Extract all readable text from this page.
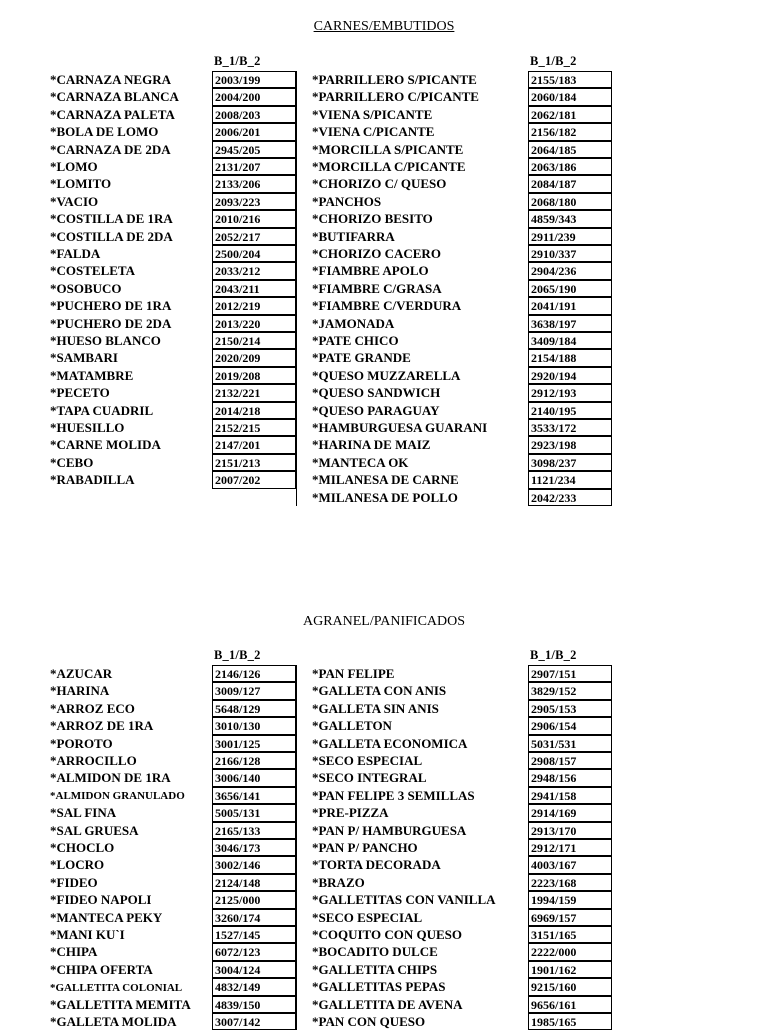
CARNES/EMBUTIDOS
B_1/B_2	B_1/B_2
*CARNAZA NEGRA	2003/199
*CARNAZA BLANCA	2004/200
*CARNAZA PALETA	2008/203
*BOLA DE LOMO	2006/201
*CARNAZA DE 2DA	2945/205
*LOMO	2131/207
*LOMITO	2133/206
*VACIO	2093/223
*COSTILLA DE 1RA	2010/216
*COSTILLA DE 2DA	2052/217
*FALDA	2500/204
*COSTELETA	2033/212
*OSOBUCO	2043/211
*PUCHERO DE 1RA	2012/219
*PUCHERO DE 2DA	2013/220
*HUESO BLANCO	2150/214
*SAMBARI	2020/209
*MATAMBRE	2019/208
*PECETO	2132/221
*TAPA CUADRIL	2014/218
*HUESILLO	2152/215
*CARNE MOLIDA	2147/201
*CEBO	2151/213
*RABADILLA	2007/202
*PARRILLERO S/PICANTE	2155/183
*PARRILLERO C/PICANTE	2060/184
*VIENA S/PICANTE	2062/181
*VIENA C/PICANTE	2156/182
*MORCILLA S/PICANTE	2064/185
*MORCILLA C/PICANTE	2063/186
*CHORIZO C/ QUESO	2084/187
*PANCHOS	2068/180
*CHORIZO BESITO	4859/343
*BUTIFARRA	2911/239
*CHORIZO CACERO	2910/337
*FIAMBRE APOLO	2904/236
*FIAMBRE C/GRASA	2065/190
*FIAMBRE C/VERDURA	2041/191
*JAMONADA	3638/197
*PATE CHICO	3409/184
*PATE GRANDE	2154/188
*QUESO MUZZARELLA	2920/194
*QUESO SANDWICH	2912/193
*QUESO PARAGUAY	2140/195
*HAMBURGUESA GUARANI	3533/172
*HARINA DE MAIZ	2923/198
*MANTECA OK	3098/237
*MILANESA DE CARNE	1121/234
*MILANESA DE POLLO	2042/233
AGRANEL/PANIFICADOS
B_1/B_2	B_1/B_2
*AZUCAR	2146/126
*HARINA	3009/127
*ARROZ ECO	5648/129
*ARROZ DE 1RA	3010/130
*POROTO	3001/125
*ARROCILLO	2166/128
*ALMIDON DE 1RA	3006/140
*ALMIDON GRANULADO	3656/141
*SAL FINA	5005/131
*SAL GRUESA	2165/133
*CHOCLO	3046/173
*LOCRO	3002/146
*FIDEO	2124/148
*FIDEO NAPOLI	2125/000
*MANTECA PEKY	3260/174
*MANI KU`I	1527/145
*CHIPA	6072/123
*CHIPA OFERTA	3004/124
*GALLETITA COLONIAL	4832/149
*GALLETITA MEMITA 4839/150
*GALLETA MOLIDA	3007/142
*PAN FELIPE	2907/151
*GALLETA CON ANIS	3829/152
*GALLETA SIN ANIS	2905/153
*GALLETON	2906/154
*GALLETA ECONOMICA	5031/531
*SECO ESPECIAL	2908/157
*SECO INTEGRAL	2948/156
*PAN FELIPE 3 SEMILLAS	2941/158
*PRE-PIZZA	2914/169
*PAN P/ HAMBURGUESA	2913/170
*PAN P/ PANCHO	2912/171
*TORTA DECORADA	4003/167
*BRAZO	2223/168
*GALLETITAS CON VANILLA	1994/159
*SECO ESPECIAL	6969/157
*COQUITO CON QUESO	3151/165
*BOCADITO DULCE	2222/000
*GALLETITA CHIPS	1901/162
*GALLETITAS PEPAS	9215/160
*GALLETITA DE AVENA	9656/161
*PAN CON QUESO	1985/165
